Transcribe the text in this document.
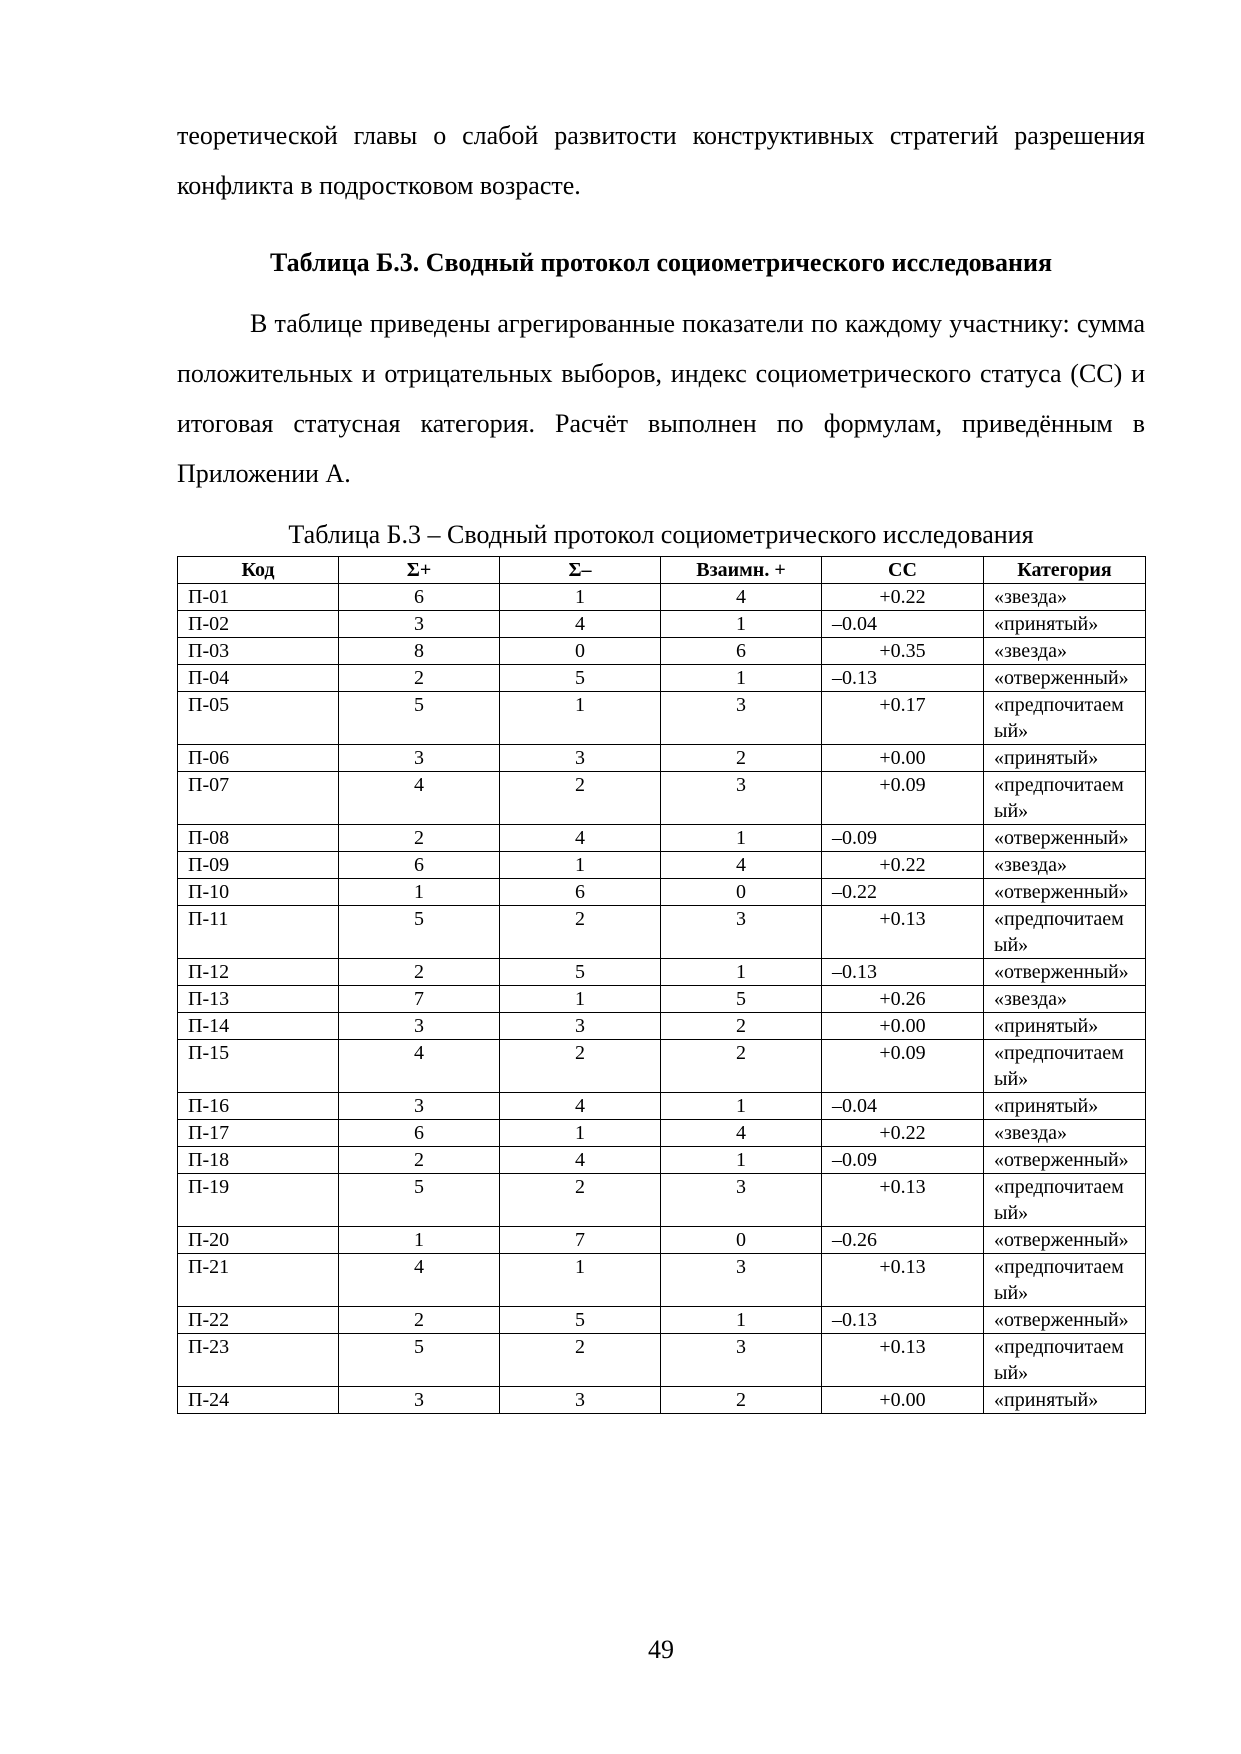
теоретической главы о слабой развитости конструктивных стратегий разрешения конфликта в подростковом возрасте.

Таблица Б.3. Сводный протокол социометрического исследования

В таблице приведены агрегированные показатели по каждому участнику: сумма положительных и отрицательных выборов, индекс социометрического статуса (СС) и итоговая статусная категория. Расчёт выполнен по формулам, приведённым в Приложении А.

Таблица Б.3 – Сводный протокол социометрического исследования

Код	Σ+	Σ–	Взаимн. +	СС	Категория
П-01	6	1	4	+0.22	«звезда»
П-02	3	4	1	–0.04	«принятый»
П-03	8	0	6	+0.35	«звезда»
П-04	2	5	1	–0.13	«отверженный»
П-05	5	1	3	+0.17	«предпочитаемый»
П-06	3	3	2	+0.00	«принятый»
П-07	4	2	3	+0.09	«предпочитаемый»
П-08	2	4	1	–0.09	«отверженный»
П-09	6	1	4	+0.22	«звезда»
П-10	1	6	0	–0.22	«отверженный»
П-11	5	2	3	+0.13	«предпочитаемый»
П-12	2	5	1	–0.13	«отверженный»
П-13	7	1	5	+0.26	«звезда»
П-14	3	3	2	+0.00	«принятый»
П-15	4	2	2	+0.09	«предпочитаемый»
П-16	3	4	1	–0.04	«принятый»
П-17	6	1	4	+0.22	«звезда»
П-18	2	4	1	–0.09	«отверженный»
П-19	5	2	3	+0.13	«предпочитаемый»
П-20	1	7	0	–0.26	«отверженный»
П-21	4	1	3	+0.13	«предпочитаемый»
П-22	2	5	1	–0.13	«отверженный»
П-23	5	2	3	+0.13	«предпочитаемый»
П-24	3	3	2	+0.00	«принятый»

49
